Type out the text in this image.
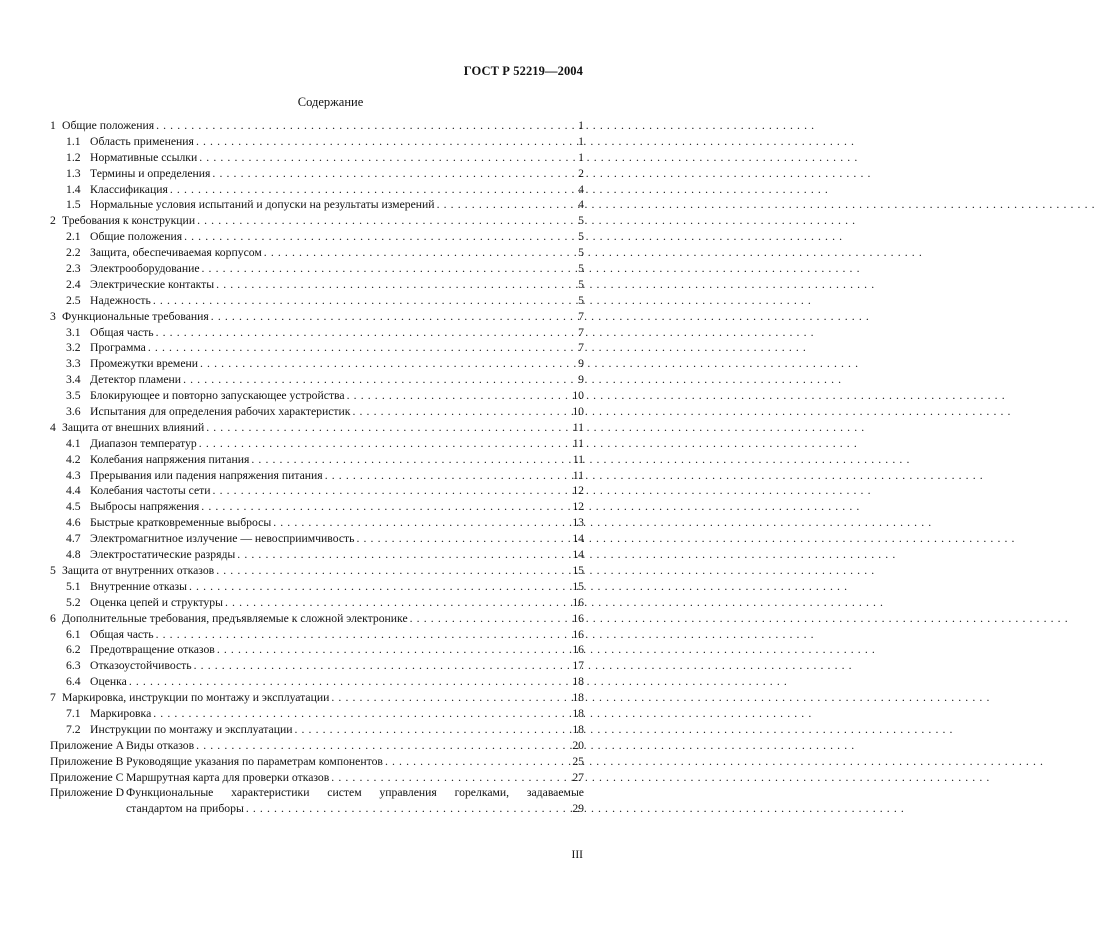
ГОСТ Р 52219—2004
Содержание
1 Общие положения . . .	1
1.1 Область применения . . .	1
1.2 Нормативные ссылки . . .	1
1.3 Термины и определения . . .	2
1.4 Классификация . . .	4
1.5 Нормальные условия испытаний и допуски на результаты измерений . . .	4
2 Требования к конструкции . . .	5
2.1 Общие положения . . .	5
2.2 Защита, обеспечиваемая корпусом . . .	5
2.3 Электрооборудование . . .	5
2.4 Электрические контакты . . .	5
2.5 Надежность . . .	5
3 Функциональные требования . . .	7
3.1 Общая часть . . .	7
3.2 Программа . . .	7
3.3 Промежутки времени . . .	9
3.4 Детектор пламени . . .	9
3.5 Блокирующее и повторно запускающее устройства . . .	10
3.6 Испытания для определения рабочих характеристик . . .	10
4 Защита от внешних влияний . . .	11
4.1 Диапазон температур . . .	11
4.2 Колебания напряжения питания . . .	11
4.3 Прерывания или падения напряжения питания . . .	11
4.4 Колебания частоты сети . . .	12
4.5 Выбросы напряжения . . .	12
4.6 Быстрые кратковременные выбросы . . .	13
4.7 Электромагнитное излучение — невосприимчивость . . .	14
4.8 Электростатические разряды . . .	14
5 Защита от внутренних отказов . . .	15
5.1 Внутренние отказы . . .	15
5.2 Оценка цепей и структуры . . .	16
6 Дополнительные требования, предъявляемые к сложной электронике . . .	16
6.1 Общая часть . . .	16
6.2 Предотвращение отказов . . .	16
6.3 Отказоустойчивость . . .	17
6.4 Оценка . . .	18
7 Маркировка, инструкции по монтажу и эксплуатации . . .	18
7.1 Маркировка . . .	18
7.2 Инструкции по монтажу и эксплуатации . . .	18
Приложение А Виды отказов . . .	20
Приложение В Руководящие указания по параметрам компонентов . . .	25
Приложение С Маршрутная карта для проверки отказов . . .	27
Приложение D Функциональные характеристики систем управления горелками, задаваемые
стандартом на приборы . . .	29
III
